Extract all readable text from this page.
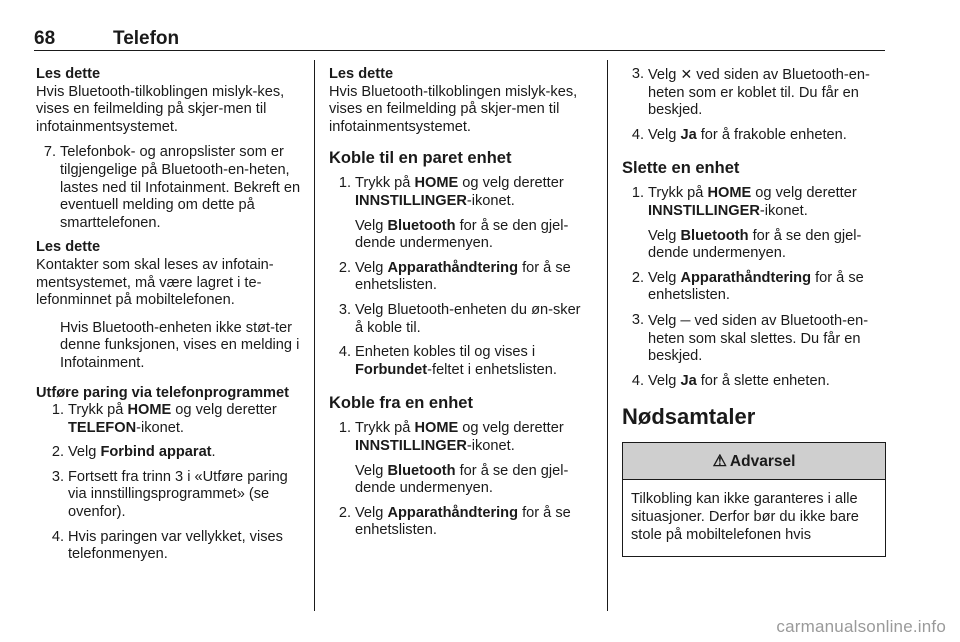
68	Telefon

Les dette

Hvis Bluetooth-tilkoblingen mislyk-kes, vises en feilmelding på skjer-men til infotainmentsystemet.

7. Telefonbok- og anropslister som er tilgjengelige på Bluetooth-en-heten, lastes ned til Infotainment. Bekreft en eventuell melding om dette på smarttelefonen.

Les dette

Kontakter som skal leses av infotain-mentsystemet, må være lagret i te-lefonminnet på mobiltelefonen.

Hvis Bluetooth-enheten ikke støt-ter denne funksjonen, vises en melding i Infotainment.

Utføre paring via telefonprogrammet

1. Trykk på HOME og velg deretter TELEFON-ikonet.
2. Velg Forbind apparat.
3. Fortsett fra trinn 3 i «Utføre paring via innstillingsprogrammet» (se ovenfor).
4. Hvis paringen var vellykket, vises telefonmenyen.

Les dette

Hvis Bluetooth-tilkoblingen mislyk-kes, vises en feilmelding på skjer-men til infotainmentsystemet.

Koble til en paret enhet

1. Trykk på HOME og velg deretter INNSTILLINGER-ikonet.
Velg Bluetooth for å se den gjel-dende undermenyen.
2. Velg Apparathåndtering for å se enhetslisten.
3. Velg Bluetooth-enheten du øn-sker å koble til.
4. Enheten kobles til og vises i Forbundet-feltet i enhetslisten.

Koble fra en enhet

1. Trykk på HOME og velg deretter INNSTILLINGER-ikonet.
Velg Bluetooth for å se den gjel-dende undermenyen.
2. Velg Apparathåndtering for å se enhetslisten.
3. Velg ✕ ved siden av Bluetooth-en-heten som er koblet til. Du får en beskjed.
4. Velg Ja for å frakoble enheten.

Slette en enhet

1. Trykk på HOME og velg deretter INNSTILLINGER-ikonet.
Velg Bluetooth for å se den gjel-dende undermenyen.
2. Velg Apparathåndtering for å se enhetslisten.
3. Velg ─ ved siden av Bluetooth-en-heten som skal slettes. Du får en beskjed.
4. Velg Ja for å slette enheten.

Nødsamtaler

⚠ Advarsel
Tilkobling kan ikke garanteres i alle situasjoner. Derfor bør du ikke bare stole på mobiltelefonen hvis
carmanualsonline.info
